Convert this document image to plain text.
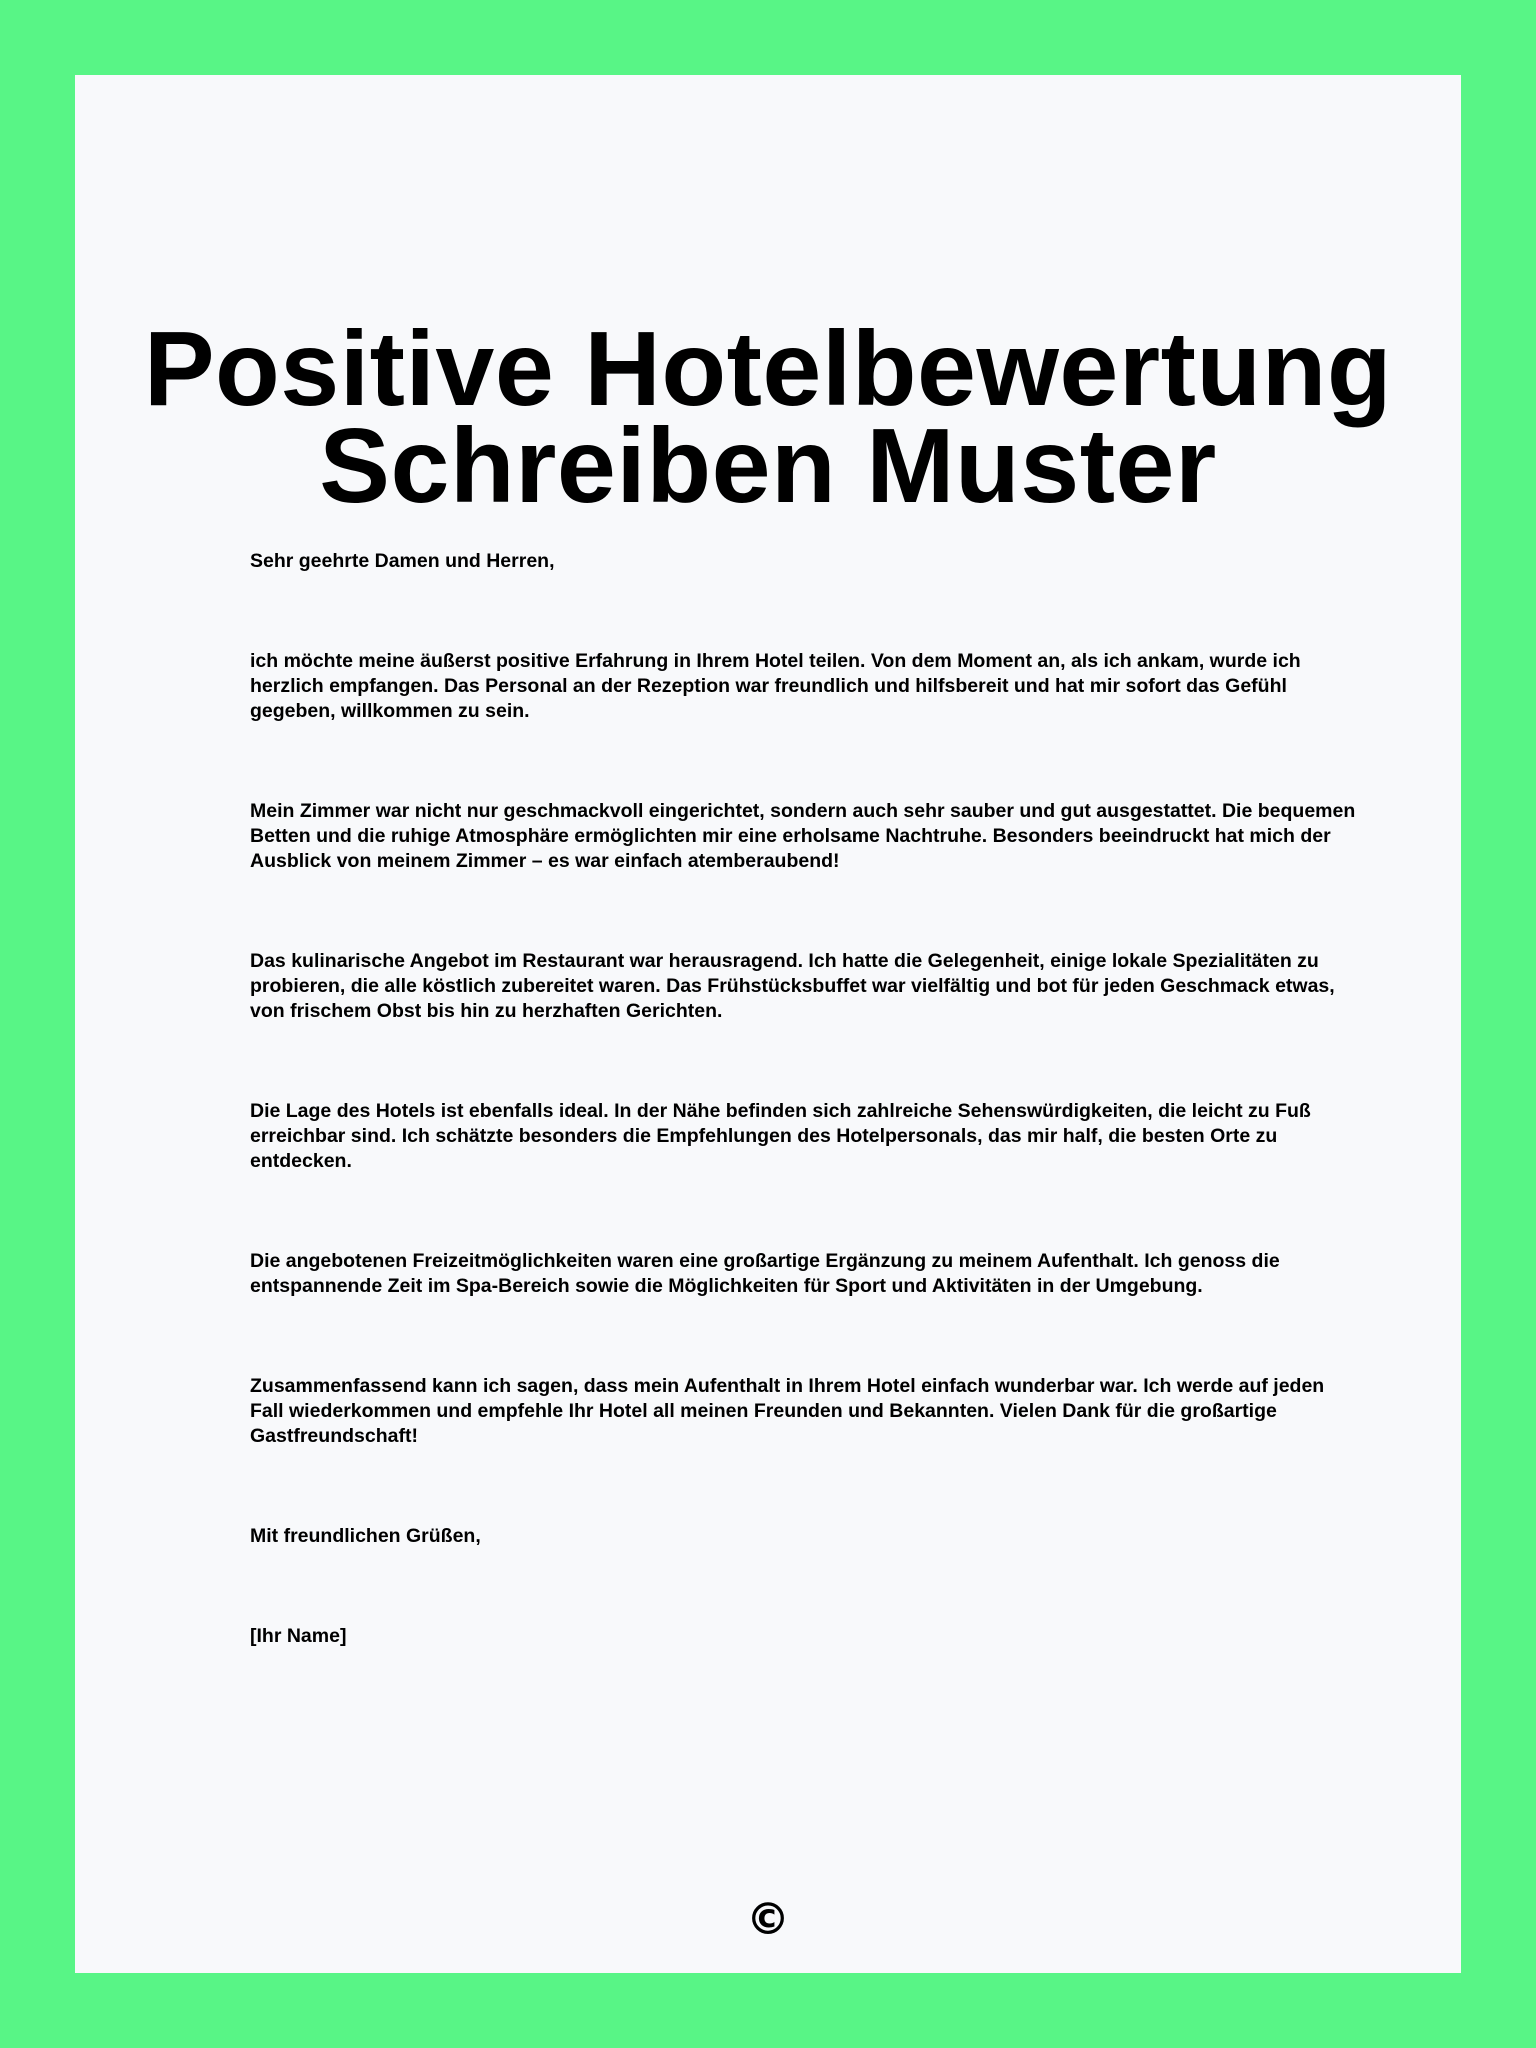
Positive Hotelbewertung
Schreiben Muster

Sehr geehrte Damen und Herren,

ich möchte meine äußerst positive Erfahrung in Ihrem Hotel teilen. Von dem Moment an, als ich ankam, wurde ich herzlich empfangen. Das Personal an der Rezeption war freundlich und hilfsbereit und hat mir sofort das Gefühl gegeben, willkommen zu sein.

Mein Zimmer war nicht nur geschmackvoll eingerichtet, sondern auch sehr sauber und gut ausgestattet. Die bequemen Betten und die ruhige Atmosphäre ermöglichten mir eine erholsame Nachtruhe. Besonders beeindruckt hat mich der Ausblick von meinem Zimmer – es war einfach atemberaubend!

Das kulinarische Angebot im Restaurant war herausragend. Ich hatte die Gelegenheit, einige lokale Spezialitäten zu probieren, die alle köstlich zubereitet waren. Das Frühstücksbuffet war vielfältig und bot für jeden Geschmack etwas, von frischem Obst bis hin zu herzhaften Gerichten.

Die Lage des Hotels ist ebenfalls ideal. In der Nähe befinden sich zahlreiche Sehenswürdigkeiten, die leicht zu Fuß erreichbar sind. Ich schätzte besonders die Empfehlungen des Hotelpersonals, das mir half, die besten Orte zu entdecken.

Die angebotenen Freizeitmöglichkeiten waren eine großartige Ergänzung zu meinem Aufenthalt. Ich genoss die entspannende Zeit im Spa-Bereich sowie die Möglichkeiten für Sport und Aktivitäten in der Umgebung.

Zusammenfassend kann ich sagen, dass mein Aufenthalt in Ihrem Hotel einfach wunderbar war. Ich werde auf jeden Fall wiederkommen und empfehle Ihr Hotel all meinen Freunden und Bekannten. Vielen Dank für die großartige Gastfreundschaft!

Mit freundlichen Grüßen,

[Ihr Name]

©
